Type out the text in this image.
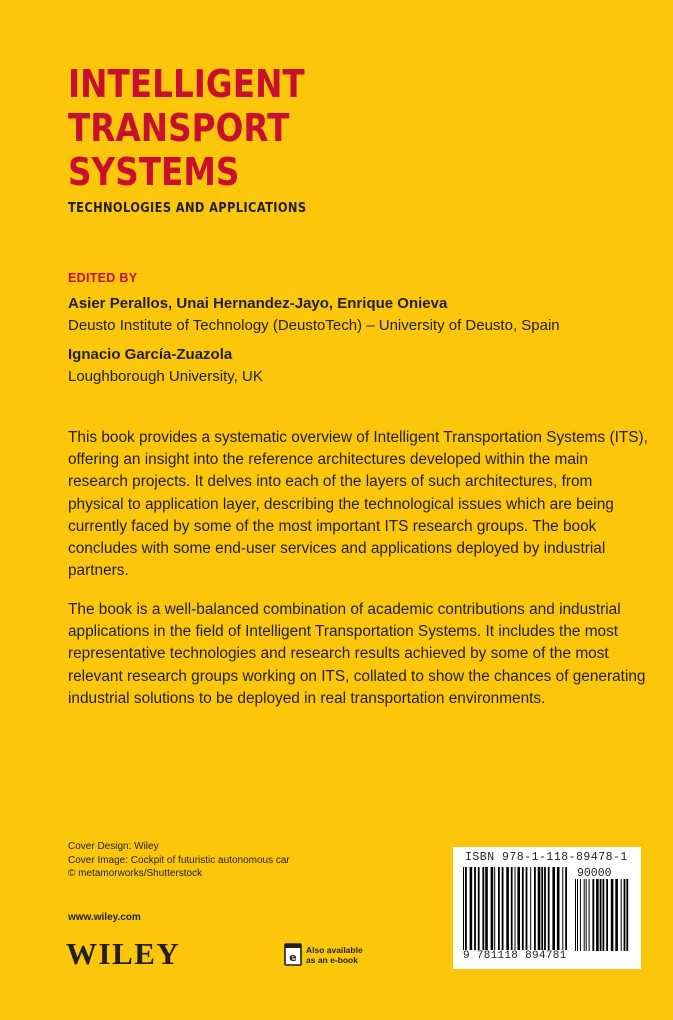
INTELLIGENT
TRANSPORT
SYSTEMS
TECHNOLOGIES AND APPLICATIONS
EDITED BY
Asier Perallos, Unai Hernandez-Jayo, Enrique Onieva
Deusto Institute of Technology (DeustoTech) – University of Deusto, Spain
Ignacio García-Zuazola
Loughborough University, UK

This book provides a systematic overview of Intelligent Transportation Systems (ITS), offering an insight into the reference architectures developed within the main research projects. It delves into each of the layers of such architectures, from physical to application layer, describing the technological issues which are being currently faced by some of the most important ITS research groups. The book concludes with some end-user services and applications deployed by industrial partners.

The book is a well-balanced combination of academic contributions and industrial applications in the field of Intelligent Transportation Systems. It includes the most representative technologies and research results achieved by some of the most relevant research groups working on ITS, collated to show the chances of generating industrial solutions to be deployed in real transportation environments.

Cover Design: Wiley
Cover Image: Cockpit of futuristic autonomous car
© metamorworks/Shutterstock
www.wiley.com
WILEY	e
Also available
as an e-book
ISBN 978-1-118-89478-1
90000
9 781118 894781
